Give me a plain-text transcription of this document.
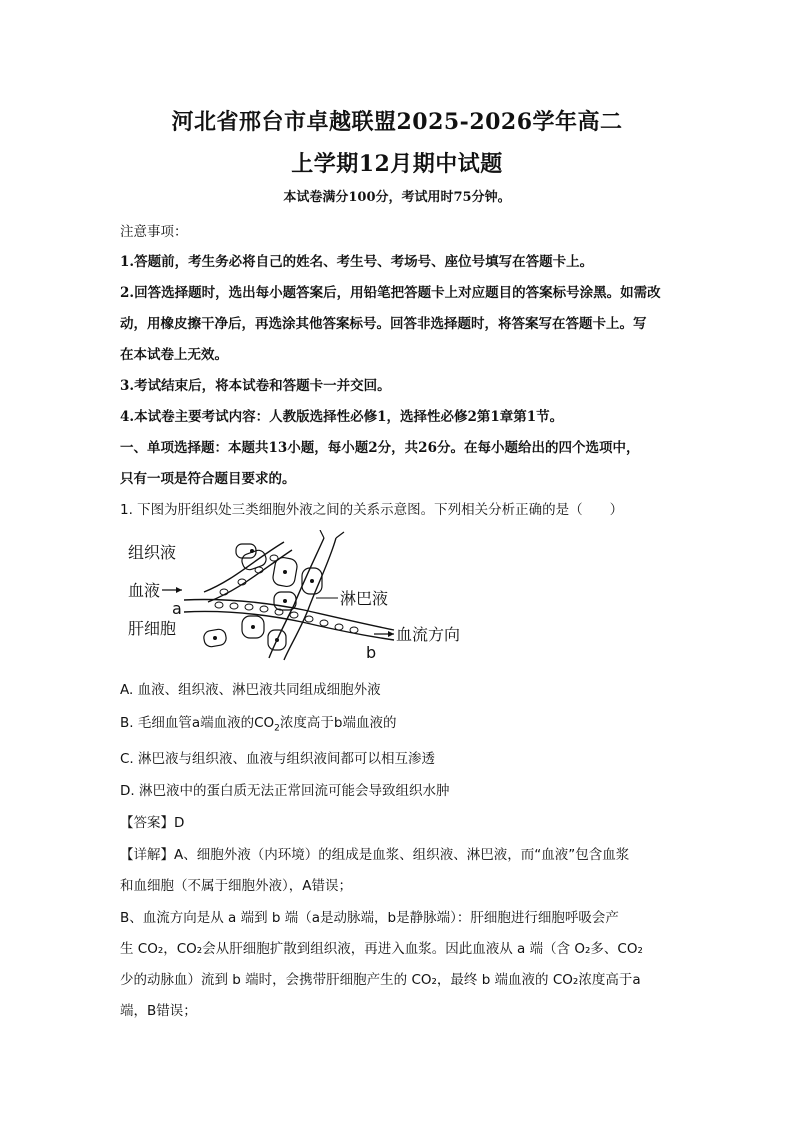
河北省邢台市卓越联盟2025-2026学年高二
上学期12月期中试题
本试卷满分100分，考试用时75分钟。
注意事项：
1.答题前，考生务必将自己的姓名、考生号、考场号、座位号填写在答题卡上。
2.回答选择题时，选出每小题答案后，用铅笔把答题卡上对应题目的答案标号涂黑。如需改
动，用橡皮擦干净后，再选涂其他答案标号。回答非选择题时，将答案写在答题卡上。写
在本试卷上无效。
3.考试结束后，将本试卷和答题卡一并交回。
4.本试卷主要考试内容：人教版选择性必修1，选择性必修2第1章第1节。
一、单项选择题：本题共13小题，每小题2分，共26分。在每小题给出的四个选项中，
只有一项是符合题目要求的。
1. 下图为肝组织处三类细胞外液之间的关系示意图。下列相关分析正确的是（　　）
组织液
血液
a
肝细胞
淋巴液
血流方向
b
A. 血液、组织液、淋巴液共同组成细胞外液
B. 毛细血管a端血液的$CO_2$浓度高于b端血液的
C. 淋巴液与组织液、血液与组织液间都可以相互渗透
D. 淋巴液中的蛋白质无法正常回流可能会导致组织水肿
【答案】D
【详解】A、细胞外液（内环境）的组成是血浆、组织液、淋巴液，而“血液”包含血浆
和血细胞（不属于细胞外液），A错误；
B、血流方向是从 a 端到 b 端（a是动脉端，b是静脉端）：肝细胞进行细胞呼吸会产
生 CO₂，CO₂会从肝细胞扩散到组织液，再进入血浆。因此血液从 a 端（含 O₂多、CO₂
少的动脉血）流到 b 端时，会携带肝细胞产生的 CO₂，最终 b 端血液的 CO₂浓度高于a
端，B错误；
